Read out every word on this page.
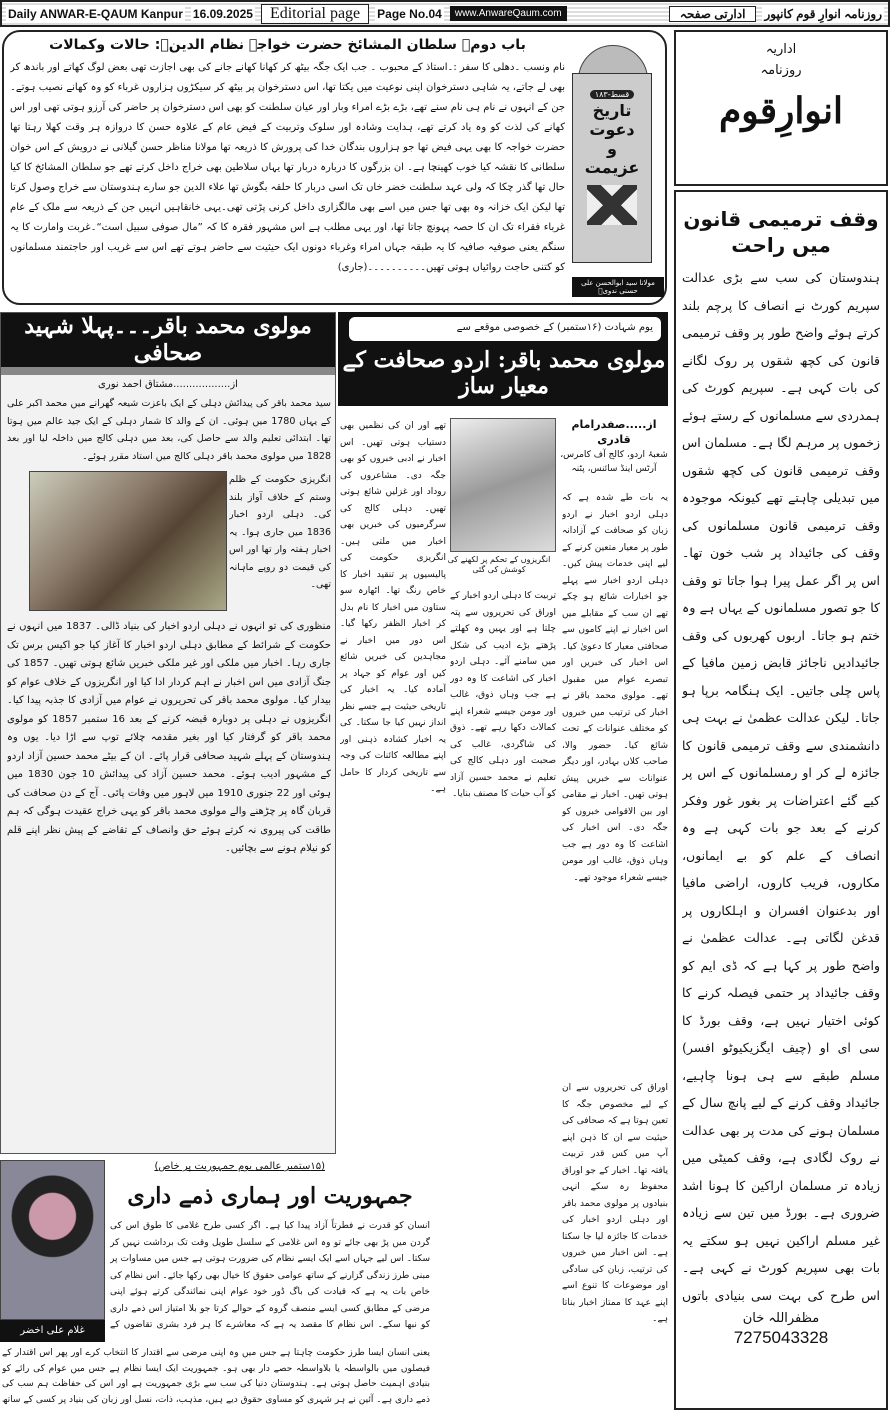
Daily ANWAR-E-QAUM Kanpur 16.09.2025	Editorial page	Page No.04	www.AnwareQaum.com	ادارتی صفحہ	روزنامہ انوارِ قوم کانپور
باب دوم۔ سلطان المشائخ حضرت خواجہ نظام الدینؒ: حالات وکمالات
نام ونسب ۔دھلی کا سفر :۔استاذ کے محبوب ۔ جب ایک جگہ بیٹھ کر کھانا کھانے جانے کی بھی اجازت تھی بعض لوگ کھاتے اور باندھ کر بھی لے جاتے، یہ شاہی دسترخوان اپنی نوعیت میں یکتا تھا، اس دسترخوان پر بیٹھ کر سیکڑوں ہزاروں غرباء کو وہ کھانے نصیب ہوتے۔جن کے انہوں نے نام ہی نام سنے تھے، بڑے بڑے امراء وبار اور عیان سلطنت کو بھی اس دسترخوان پر حاضر کی آرزو ہوتی تھی اور اس کھانے کی لذت کو وہ یاد کرتے تھے، ہدایت وشادہ اور سلوک وتربیت کے فیض عام کے علاوہ حسن کا دروازہ ہر وقت کھلا رہتا تھا حضرت خواجہ کا بھی یہی فیض تھا جو ہزاروں بندگان خدا کی پرورش کا ذریعہ تھا مولانا مناظر حسن گیلانی نے درویش کے اس خوان سلطانی کا نقشہ کیا خوب کھینچا ہے۔ ان بزرگوں کا دربارہ دربار تھا یہاں سلاطین بھی خراج داخل کرتے تھے جو سلطان المشائخ کا کیا حال تھا گذر چکا کہ ولی عہد سلطنت خضر خاں تک اسی دربار کا حلقہ بگوش تھا علاء الدین جو سارے ہندوستان سے خراج وصول کرتا تھا لیکن ایک خزانہ وہ بھی تھا جس میں اسے بھی مالگزاری داخل کرنی پڑتی تھی۔یہی خانقاہیں انہیں جن کے ذریعہ سے ملک کے عام غرباء فقراء تک ان کا حصہ پہونچ جاتا تھا، اور یہی مطلب ہے اس مشہور فقرہ کا کہ ”مال صوفی سبیل است“۔غربت وامارت کا یہ سنگم یعنی صوفیہ صافیہ کا یہ طبقہ جہاں امراء وغرباء دونوں ایک حیثیت سے حاضر ہوتے تھے اس سے غریب اور حاجتمند مسلمانوں کو کتنی حاجت روائیاں ہوتی تھیں۔۔۔۔۔۔۔۔۔۔(جاری)
قسط-۱۸۳
تاریخ دعوت
و
عزیمت
مولانا سید ابوالحسن علی حسنی ندویؒ
اداریہ
روزنامہ
انوارِقوم
وقف ترمیمی قانون میں راحت
ہندوستان کی سب سے بڑی عدالت سپریم کورٹ نے انصاف کا پرچم بلند کرتے ہوئے واضح طور پر وقف ترمیمی قانون کی کچھ شقوں پر روک لگانے کی بات کہی ہے۔ سپریم کورٹ کی ہمدردی سے مسلمانوں کے رستے ہوئے زخموں پر مرہم لگا ہے۔ مسلمان اس وقف ترمیمی قانون کی کچھ شقوں میں تبدیلی چاہتے تھے کیونکہ موجودہ وقف ترمیمی قانون مسلمانوں کی وقف کی جائیداد پر شب خون تھا۔ اس پر اگر عمل پیرا ہوا جاتا تو وقف کا جو تصور مسلمانوں کے یہاں ہے وہ ختم ہو جاتا۔ اربوں کھربوں کی وقف جائیدادیں ناجائز قابض زمین مافیا کے پاس چلی جاتیں۔ ایک ہنگامہ برپا ہو جاتا۔ لیکن عدالت عظمیٰ نے بہت ہی دانشمندی سے وقف ترمیمی قانون کا جائزہ لے کر او رمسلمانوں کے اس پر کیے گئے اعتراضات پر بغور غور وفکر کرنے کے بعد جو بات کہی ہے وہ انصاف کے علم کو بے ایمانوں، مکاروں، فریب کاروں، اراضی مافیا اور بدعنوان افسران و اہلکاروں پر قدغن لگاتی ہے۔ عدالت عظمیٰ نے واضح طور پر کہا ہے کہ ڈی ایم کو وقف جائیداد پر حتمی فیصلہ کرنے کا کوئی اختیار نہیں ہے، وقف بورڈ کا سی ای او (چیف ایگزیکیوٹو افسر) مسلم طبقے سے ہی ہونا چاہیے، جائیداد وقف کرنے کے لیے پانچ سال کے مسلمان ہونے کی مدت پر بھی عدالت نے روک لگادی ہے، وقف کمیٹی میں زیادہ تر مسلمان اراکین کا ہونا اشد ضروری ہے۔ بورڈ میں تین سے زیادہ غیر مسلم اراکین نہیں ہو سکتے یہ بات بھی سپریم کورٹ نے کہی ہے۔ اس طرح کی بہت سی بنیادی باتوں
مظفراللہ خان
7275043328
مولوی محمد باقر۔۔۔پہلا شہید صحافی
از..................مشتاق احمد نوری
سید محمد باقر کی پیدائش دہلی کے ایک باعزت شیعہ گھرانے میں محمد اکبر علی کے یہاں 1780 میں ہوئی۔ ان کے والد کا شمار دہلی کے ایک جید عالم میں ہوتا تھا۔ ابتدائی تعلیم والد سے حاصل کی، بعد میں دہلی کالج میں داخلہ لیا اور بعد 1828 میں مولوی محمد باقر دہلی کالج میں استاد مقرر ہوئے۔
انگریزی حکومت کے ظلم وستم کے خلاف آواز بلند کی۔ دہلی اردو اخبار 1836 میں جاری ہوا۔ یہ اخبار ہفتہ وار تھا اور اس کی قیمت دو روپے ماہانہ تھی۔
منظوری کی تو انہوں نے دہلی اردو اخبار کی بنیاد ڈالی۔ 1837 میں انہوں نے حکومت کے شرائط کے مطابق دہلی اردو اخبار کا آغاز کیا جو اکیس برس تک جاری رہا۔ اخبار میں ملکی اور غیر ملکی خبریں شائع ہوتی تھیں۔ 1857 کی جنگ آزادی میں اس اخبار نے اہم کردار ادا کیا اور انگریزوں کے خلاف عوام کو بیدار کیا۔ مولوی محمد باقر کی تحریروں نے عوام میں آزادی کا جذبہ پیدا کیا۔ انگریزوں نے دہلی پر دوبارہ قبضہ کرنے کے بعد 16 ستمبر 1857 کو مولوی محمد باقر کو گرفتار کیا اور بغیر مقدمہ چلائے توپ سے اڑا دیا۔ یوں وہ ہندوستان کے پہلے شہید صحافی قرار پائے۔ ان کے بیٹے محمد حسین آزاد اردو کے مشہور ادیب ہوئے۔ محمد حسین آزاد کی پیدائش 10 جون 1830 میں ہوئی اور 22 جنوری 1910 میں لاہور میں وفات پائی۔ آج کے دن صحافت کی قربان گاہ پر چڑھنے والے مولوی محمد باقر کو یہی خراج عقیدت ہوگی کہ ہم طاقت کی پیروی نہ کرتے ہوئے حق وانصاف کے تقاضے کے پیش نظر اپنے قلم کو نیلام ہونے سے بچائیں۔
یوم شہادت (۱۶ستمبر) کے خصوصی موقعے سے
مولوی محمد باقر: اردو صحافت کے معیار ساز
از.....صفدرامام قادری
شعبۂ اردو، کالج آف کامرس، آرٹس اینڈ سائنس، پٹنہ
انگریزوں کے تحکم پر لکھنے کی کوشش کی گئی
یہ بات طے شدہ ہے کہ دہلی اردو اخبار نے اردو زبان کو صحافت کے آزادانہ طور پر معیار متعین کرنے کے لیے اپنی خدمات پیش کیں۔ دہلی اردو اخبار سے پہلے جو اخبارات شائع ہو چکے تھے ان سب کے مقابلے میں اس اخبار نے اپنے کاموں سے صحافتی معیار کا دعویٰ کیا۔ اس اخبار کی خبریں اور تبصرے عوام میں مقبول تھے۔ مولوی محمد باقر نے اخبار کی ترتیب میں خبروں کو مختلف عنوانات کے تحت شائع کیا۔ حضور والا، صاحب کلاں بہادر، اور دیگر عنوانات سے خبریں پیش ہوتی تھیں۔ اخبار نے مقامی اور بین الاقوامی خبروں کو جگہ دی۔ اس اخبار کی اشاعت کا وہ دور ہے جب وہاں ذوق، غالب اور مومن جیسے شعراء موجود تھے۔
تھے اور ان کی نظمیں بھی دستیاب ہوتی تھیں۔ اس اخبار نے ادبی خبروں کو بھی جگہ دی۔ مشاعروں کی روداد اور غزلیں شائع ہوتی تھیں۔ دہلی کالج کی سرگرمیوں کی خبریں بھی اخبار میں ملتی ہیں۔ انگریزی حکومت کی پالیسیوں پر تنقید اخبار کا خاص رنگ تھا۔ اٹھارہ سو ستاون میں اخبار کا نام بدل کر اخبار الظفر رکھا گیا۔ اس دور میں اخبار نے مجاہدین کی خبریں شائع کیں اور عوام کو جہاد پر آمادہ کیا۔ یہ اخبار کی تاریخی حیثیت ہے جسے نظر انداز نہیں کیا جا سکتا۔ کی یہ اخبار کشادہ ذہنی اور اپنے مطالعہ کائنات کی وجہ سے تاریخی کردار کا حامل ہے۔
تربیت کا دہلی اردو اخبار کے اوراق کی تحریروں سے پتہ چلتا ہے اور یہیں وہ کھلتے پڑھتے بڑے ادیب کی شکل میں سامنے آئے۔ دہلی اردو اخبار کی اشاعت کا وہ دور ہے جب وہاں ذوق، غالب اور مومن جیسے شعراء اپنے کمالات دکھا رہے تھے۔ ذوق کی شاگردی، غالب کی صحبت اور دہلی کالج کی تعلیم نے محمد حسین آزاد کو آب حیات کا مصنف بنایا۔
اوراق کی تحریروں سے ان کے لیے مخصوص جگہ کا تعین ہوتا ہے کہ صحافی کی حیثیت سے ان کا ذہن اپنے آپ میں کس قدر تربیت یافتہ تھا۔ اخبار کے جو اوراق محفوظ رہ سکے انہی بنیادوں پر مولوی محمد باقر اور دہلی اردو اخبار کی خدمات کا جائزہ لیا جا سکتا ہے۔ اس اخبار میں خبروں کی ترتیب، زبان کی سادگی اور موضوعات کا تنوع اسے اپنے عہد کا ممتاز اخبار بناتا ہے۔
غلام علی اخضر
(۱۵ستمبر عالمی یوم جمہوریت پر خاص)
جمہوریت اور ہماری ذمے داری
انسان کو قدرت نے فطرتاً آزاد پیدا کیا ہے۔ اگر کسی طرح غلامی کا طوق اس کی گردن میں پڑ بھی جائے تو وہ اس غلامی کے سلسل طویل وقت تک برداشت نہیں کر سکتا۔ اس لیے جہاں اسے ایک ایسے نظام کی ضرورت ہوتی ہے جس میں مساوات پر مبنی طرز زندگی گزارنے کے ساتھ عوامی حقوق کا خیال بھی رکھا جائے۔ اس نظام کی خاص بات یہ ہے کہ قیادت کی باگ ڈور خود عوام اپنی نمائندگی کرتے ہوئے اپنی مرضی کے مطابق کسی ایسے منصف گروہ کے حوالے کرتا جو بلا امتیاز اس ذمے داری کو نبھا سکے۔ اس نظام کا مقصد یہ ہے کہ معاشرے کا ہر فرد بشری تقاضوں کے
یعنی انسان ایسا طرز حکومت چاہتا ہے جس میں وہ اپنی مرضی سے اقتدار کا انتخاب کرے اور پھر اس اقتدار کے فیصلوں میں بالواسطہ یا بلاواسطہ حصے دار بھی ہو۔ جمہوریت ایک ایسا نظام ہے جس میں عوام کی رائے کو بنیادی اہمیت حاصل ہوتی ہے۔ ہندوستان دنیا کی سب سے بڑی جمہوریت ہے اور اس کی حفاظت ہم سب کی ذمے داری ہے۔ آئین نے ہر شہری کو مساوی حقوق دیے ہیں، مذہب، ذات، نسل اور زبان کی بنیاد پر کسی کے ساتھ
